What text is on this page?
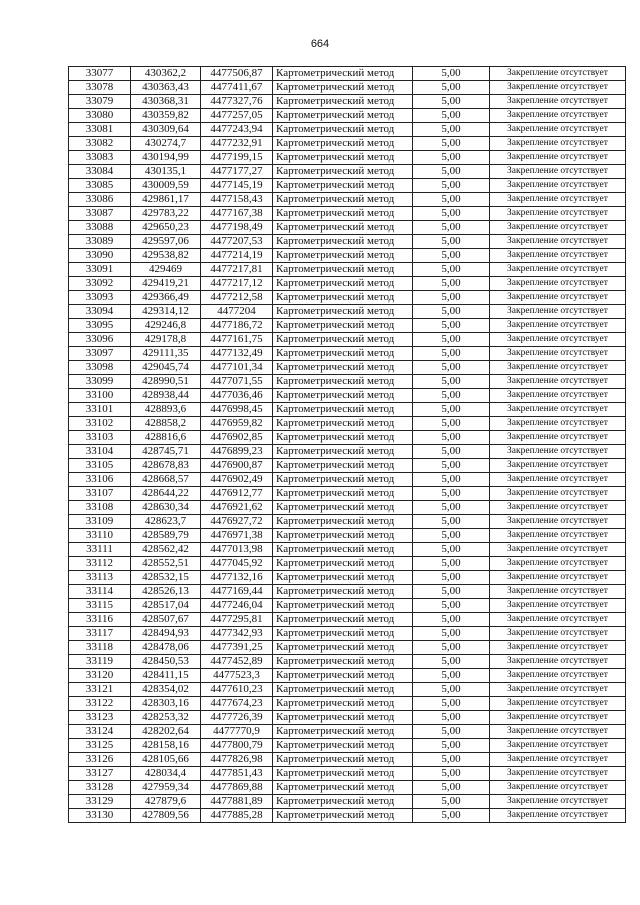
664
33077	430362,2	4477506,87	Картометрический метод	5,00	Закрепление отсутствует
33078	430363,43	4477411,67	Картометрический метод	5,00	Закрепление отсутствует
33079	430368,31	4477327,76	Картометрический метод	5,00	Закрепление отсутствует
33080	430359,82	4477257,05	Картометрический метод	5,00	Закрепление отсутствует
33081	430309,64	4477243,94	Картометрический метод	5,00	Закрепление отсутствует
33082	430274,7	4477232,91	Картометрический метод	5,00	Закрепление отсутствует
33083	430194,99	4477199,15	Картометрический метод	5,00	Закрепление отсутствует
33084	430135,1	4477177,27	Картометрический метод	5,00	Закрепление отсутствует
33085	430009,59	4477145,19	Картометрический метод	5,00	Закрепление отсутствует
33086	429861,17	4477158,43	Картометрический метод	5,00	Закрепление отсутствует
33087	429783,22	4477167,38	Картометрический метод	5,00	Закрепление отсутствует
33088	429650,23	4477198,49	Картометрический метод	5,00	Закрепление отсутствует
33089	429597,06	4477207,53	Картометрический метод	5,00	Закрепление отсутствует
33090	429538,82	4477214,19	Картометрический метод	5,00	Закрепление отсутствует
33091	429469	4477217,81	Картометрический метод	5,00	Закрепление отсутствует
33092	429419,21	4477217,12	Картометрический метод	5,00	Закрепление отсутствует
33093	429366,49	4477212,58	Картометрический метод	5,00	Закрепление отсутствует
33094	429314,12	4477204	Картометрический метод	5,00	Закрепление отсутствует
33095	429246,8	4477186,72	Картометрический метод	5,00	Закрепление отсутствует
33096	429178,8	4477161,75	Картометрический метод	5,00	Закрепление отсутствует
33097	429111,35	4477132,49	Картометрический метод	5,00	Закрепление отсутствует
33098	429045,74	4477101,34	Картометрический метод	5,00	Закрепление отсутствует
33099	428990,51	4477071,55	Картометрический метод	5,00	Закрепление отсутствует
33100	428938,44	4477036,46	Картометрический метод	5,00	Закрепление отсутствует
33101	428893,6	4476998,45	Картометрический метод	5,00	Закрепление отсутствует
33102	428858,2	4476959,82	Картометрический метод	5,00	Закрепление отсутствует
33103	428816,6	4476902,85	Картометрический метод	5,00	Закрепление отсутствует
33104	428745,71	4476899,23	Картометрический метод	5,00	Закрепление отсутствует
33105	428678,83	4476900,87	Картометрический метод	5,00	Закрепление отсутствует
33106	428668,57	4476902,49	Картометрический метод	5,00	Закрепление отсутствует
33107	428644,22	4476912,77	Картометрический метод	5,00	Закрепление отсутствует
33108	428630,34	4476921,62	Картометрический метод	5,00	Закрепление отсутствует
33109	428623,7	4476927,72	Картометрический метод	5,00	Закрепление отсутствует
33110	428589,79	4476971,38	Картометрический метод	5,00	Закрепление отсутствует
33111	428562,42	4477013,98	Картометрический метод	5,00	Закрепление отсутствует
33112	428552,51	4477045,92	Картометрический метод	5,00	Закрепление отсутствует
33113	428532,15	4477132,16	Картометрический метод	5,00	Закрепление отсутствует
33114	428526,13	4477169,44	Картометрический метод	5,00	Закрепление отсутствует
33115	428517,04	4477246,04	Картометрический метод	5,00	Закрепление отсутствует
33116	428507,67	4477295,81	Картометрический метод	5,00	Закрепление отсутствует
33117	428494,93	4477342,93	Картометрический метод	5,00	Закрепление отсутствует
33118	428478,06	4477391,25	Картометрический метод	5,00	Закрепление отсутствует
33119	428450,53	4477452,89	Картометрический метод	5,00	Закрепление отсутствует
33120	428411,15	4477523,3	Картометрический метод	5,00	Закрепление отсутствует
33121	428354,02	4477610,23	Картометрический метод	5,00	Закрепление отсутствует
33122	428303,16	4477674,23	Картометрический метод	5,00	Закрепление отсутствует
33123	428253,32	4477726,39	Картометрический метод	5,00	Закрепление отсутствует
33124	428202,64	4477770,9	Картометрический метод	5,00	Закрепление отсутствует
33125	428158,16	4477800,79	Картометрический метод	5,00	Закрепление отсутствует
33126	428105,66	4477826,98	Картометрический метод	5,00	Закрепление отсутствует
33127	428034,4	4477851,43	Картометрический метод	5,00	Закрепление отсутствует
33128	427959,34	4477869,88	Картометрический метод	5,00	Закрепление отсутствует
33129	427879,6	4477881,89	Картометрический метод	5,00	Закрепление отсутствует
33130	427809,56	4477885,28	Картометрический метод	5,00	Закрепление отсутствует
